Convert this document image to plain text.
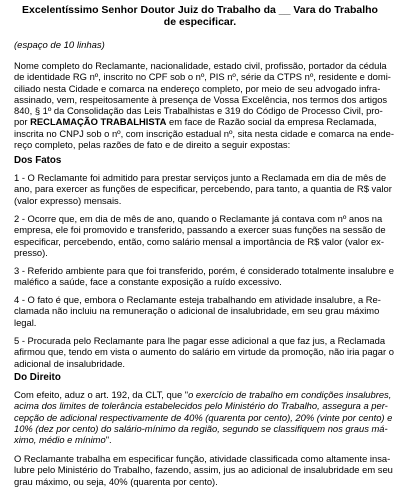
Excelentíssimo Senhor Doutor Juiz do Trabalho da __ Vara do Trabalho
de especificar.
(espaço de 10 linhas)
Nome completo do Reclamante, nacionalidade, estado civil, profissão, portador da cédula
de identidade RG nº, inscrito no CPF sob o nº, PIS nº, série da CTPS nº, residente e domi-
ciliado nesta Cidade e comarca na endereço completo, por meio de seu advogado infra-
assinado, vem, respeitosamente à presença de Vossa Excelência, nos termos dos artigos
840, § 1º da Consolidação das Leis Trabalhistas e 319 do Código de Processo Civil, pro-
por RECLAMAÇÃO TRABALHISTA em face de Razão social da empresa Reclamada,
inscrita no CNPJ sob o nº, com inscrição estadual nº, sita nesta cidade e comarca na ende-
reço completo, pelas razões de fato e de direito a seguir expostas:
Dos Fatos
1 - O Reclamante foi admitido para prestar serviços junto a Reclamada em dia de mês de
ano, para exercer as funções de especificar, percebendo, para tanto, a quantia de R$ valor
(valor expresso) mensais.
2 - Ocorre que, em dia de mês de ano, quando o Reclamante já contava com nº anos na
empresa, ele foi promovido e transferido, passando a exercer suas funções na sessão de
especificar, percebendo, então, como salário mensal a importância de R$ valor (valor ex-
presso).
3 - Referido ambiente para que foi transferido, porém, é considerado totalmente insalubre e
maléfico a saúde, face a constante exposição a ruído excessivo.
4 - O fato é que, embora o Reclamante esteja trabalhando em atividade insalubre, a Re-
clamada não incluiu na remuneração o adicional de insalubridade, em seu grau máximo
legal.
5 - Procurada pelo Reclamante para lhe pagar esse adicional a que faz jus, a Reclamada
afirmou que, tendo em vista o aumento do salário em virtude da promoção, não iria pagar o
adicional de insalubridade.
Do Direito
Com efeito, aduz o art. 192, da CLT, que "o exercício de trabalho em condições insalubres,
acima dos limites de tolerância estabelecidos pelo Ministério do Trabalho, assegura a per-
cepção de adicional respectivamente de 40% (quarenta por cento), 20% (vinte por cento) e
10% (dez por cento) do salário-mínimo da região, segundo se classifiquem nos graus má-
ximo, médio e mínimo".
O Reclamante trabalha em especificar função, atividade classificada como altamente insa-
lubre pelo Ministério do Trabalho, fazendo, assim, jus ao adicional de insalubridade em seu
grau máximo, ou seja, 40% (quarenta por cento).
